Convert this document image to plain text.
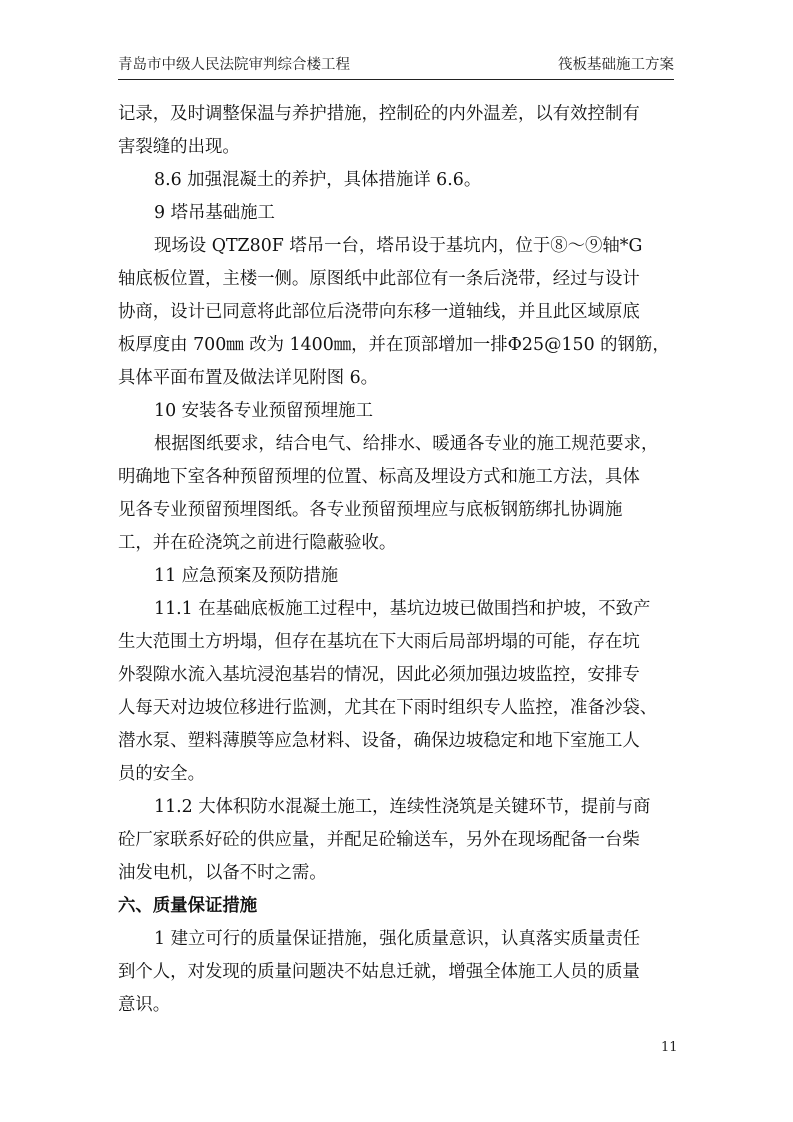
青岛市中级人民法院审判综合楼工程	筏板基础施工方案
记录，及时调整保温与养护措施，控制砼的内外温差，以有效控制有
害裂缝的出现。
8.6 加强混凝土的养护，具体措施详 6.6。
9 塔吊基础施工
现场设 QTZ80F 塔吊一台，塔吊设于基坑内，位于⑧～⑨轴*G
轴底板位置，主楼一侧。原图纸中此部位有一条后浇带，经过与设计
协商，设计已同意将此部位后浇带向东移一道轴线，并且此区域原底
板厚度由 700㎜ 改为 1400㎜，并在顶部增加一排Φ25@150 的钢筋，
具体平面布置及做法详见附图 6。
10 安装各专业预留预埋施工
根据图纸要求，结合电气、给排水、暖通各专业的施工规范要求，
明确地下室各种预留预埋的位置、标高及埋设方式和施工方法，具体
见各专业预留预埋图纸。各专业预留预埋应与底板钢筋绑扎协调施
工，并在砼浇筑之前进行隐蔽验收。
11 应急预案及预防措施
11.1 在基础底板施工过程中，基坑边坡已做围挡和护坡，不致产
生大范围土方坍塌，但存在基坑在下大雨后局部坍塌的可能，存在坑
外裂隙水流入基坑浸泡基岩的情况，因此必须加强边坡监控，安排专
人每天对边坡位移进行监测，尤其在下雨时组织专人监控，准备沙袋、
潜水泵、塑料薄膜等应急材料、设备，确保边坡稳定和地下室施工人
员的安全。
11.2 大体积防水混凝土施工，连续性浇筑是关键环节，提前与商
砼厂家联系好砼的供应量，并配足砼输送车，另外在现场配备一台柴
油发电机，以备不时之需。
六、质量保证措施
1 建立可行的质量保证措施，强化质量意识，认真落实质量责任
到个人，对发现的质量问题决不姑息迁就，增强全体施工人员的质量
意识。
11
